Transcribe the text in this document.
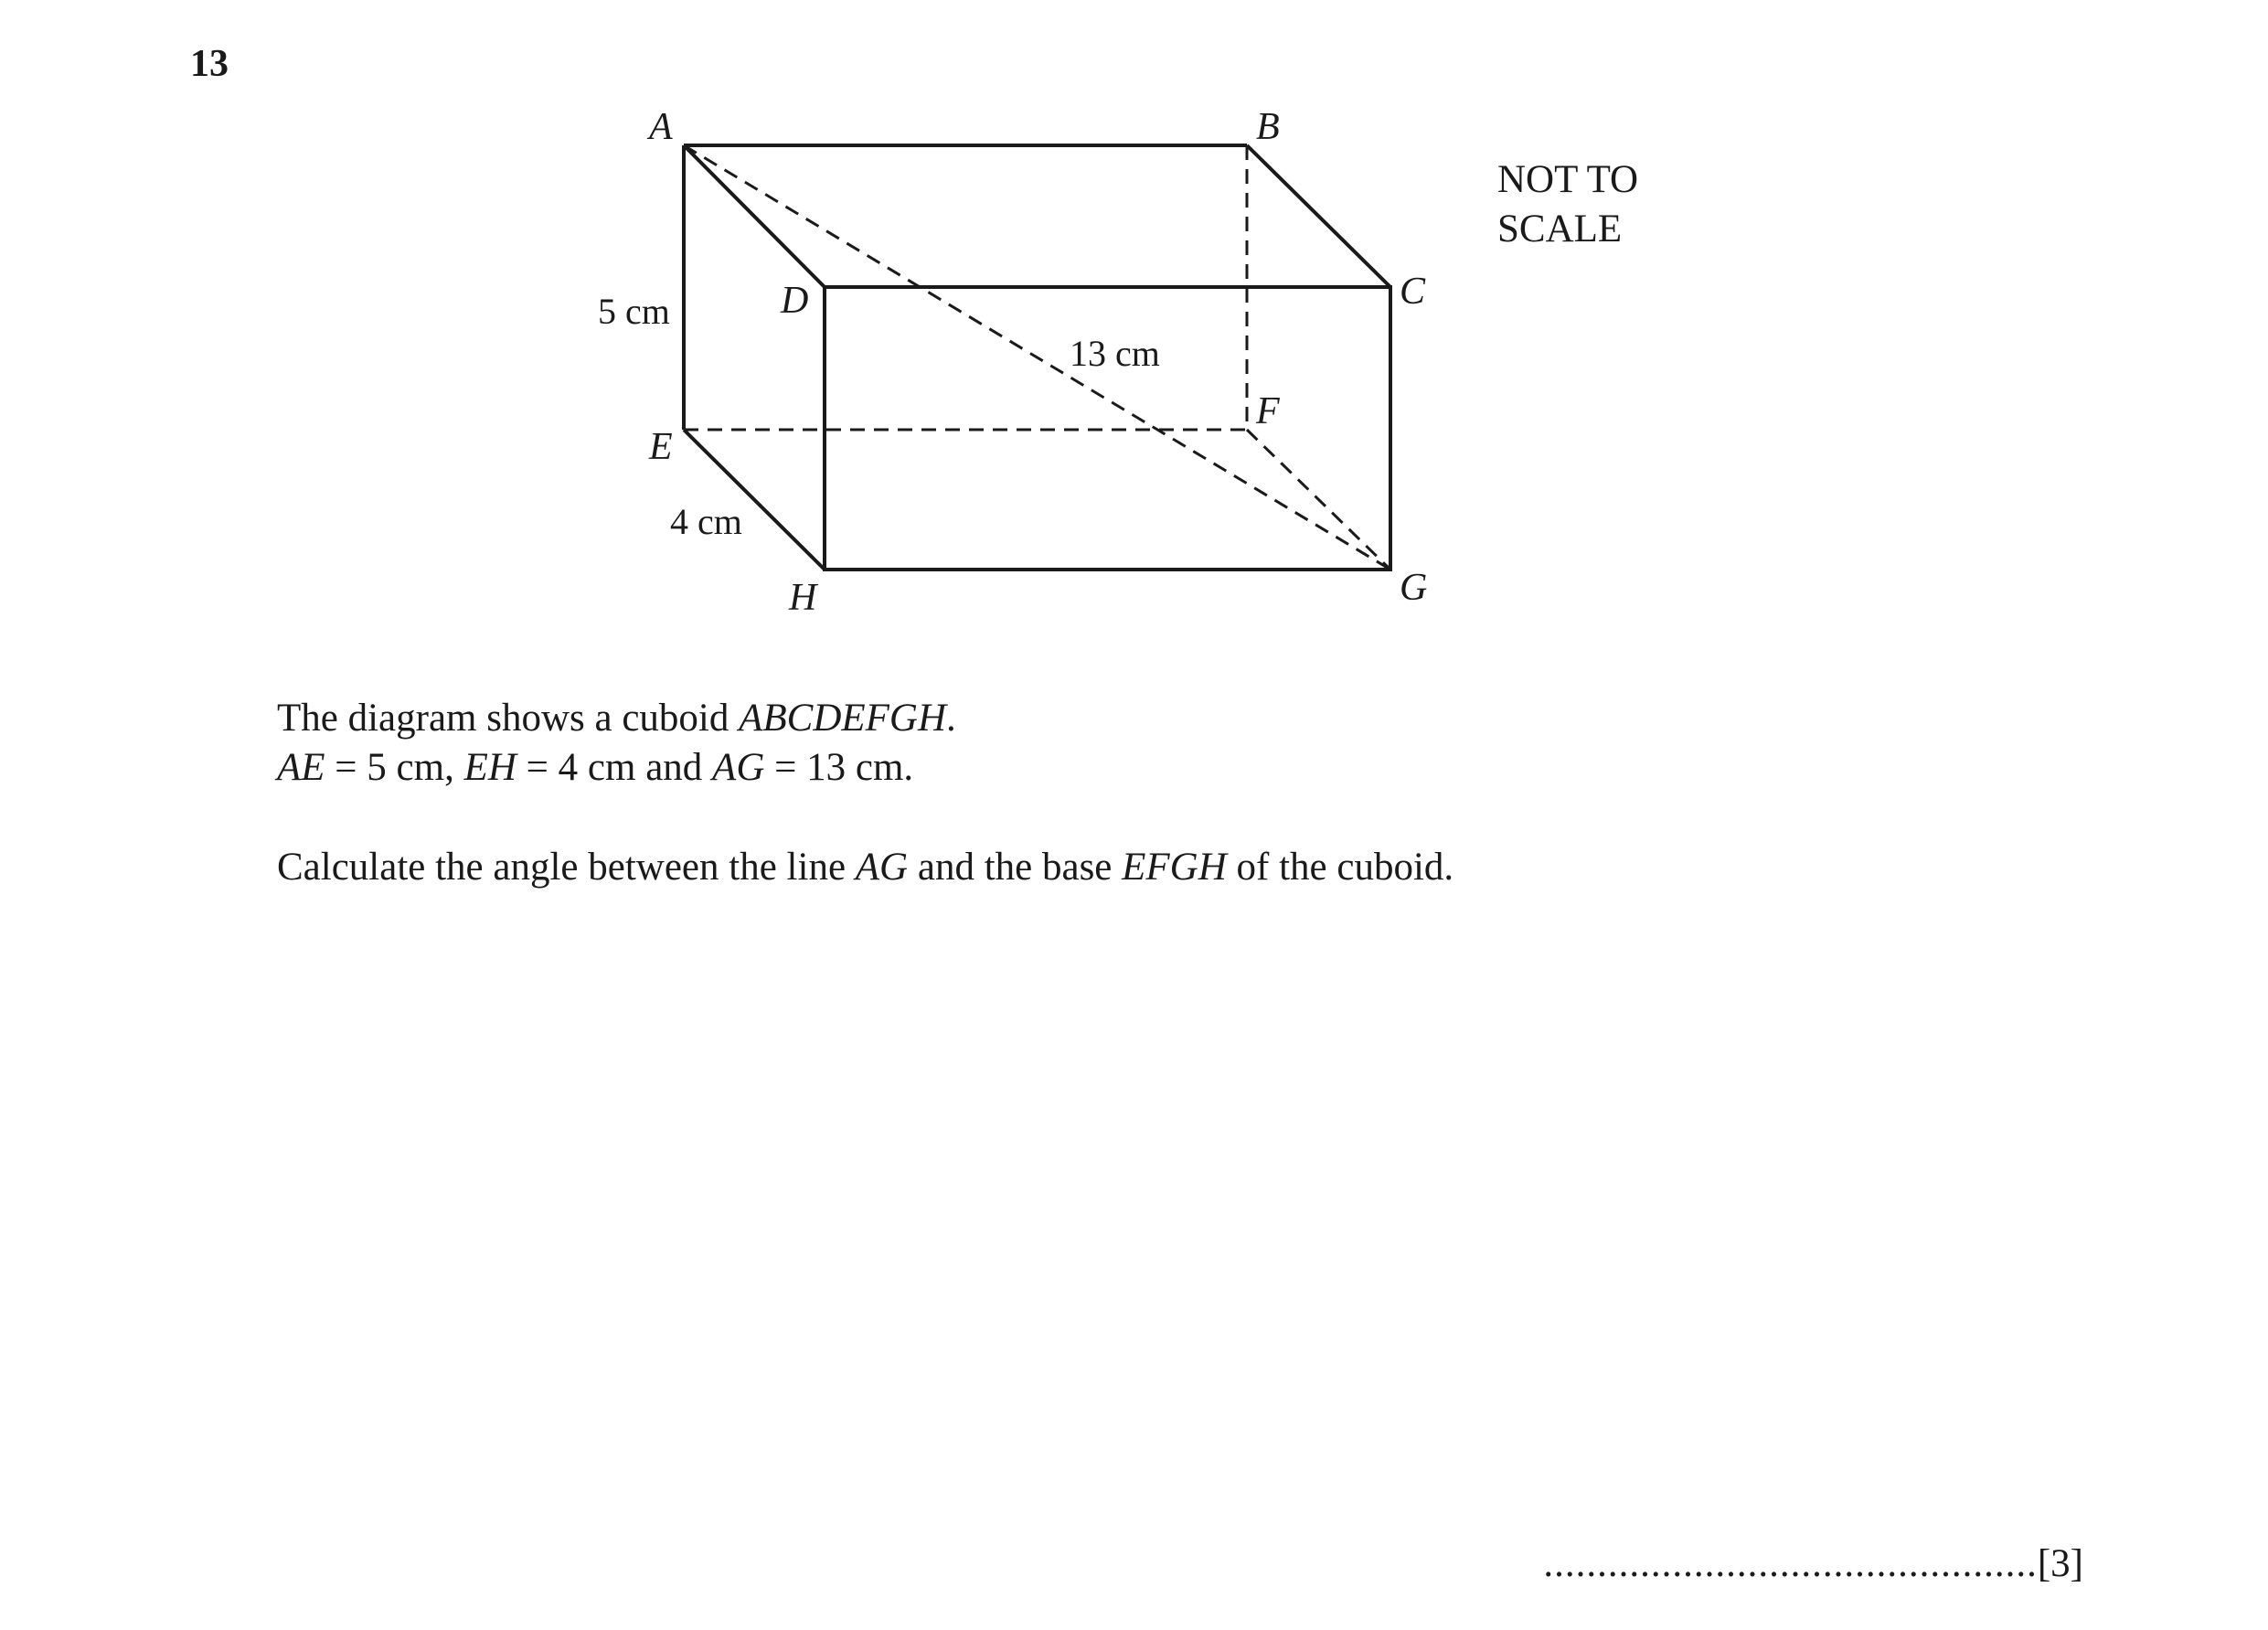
13
A	B
C
D
E
F
G
H
5 cm
4 cm
13 cm
NOT TO
SCALE
The diagram shows a cuboid ABCDEFGH.
AE = 5 cm, EH = 4 cm and AG = 13 cm.
Calculate the angle between the line AG and the base EFGH of the cuboid.
..............................................[3]
